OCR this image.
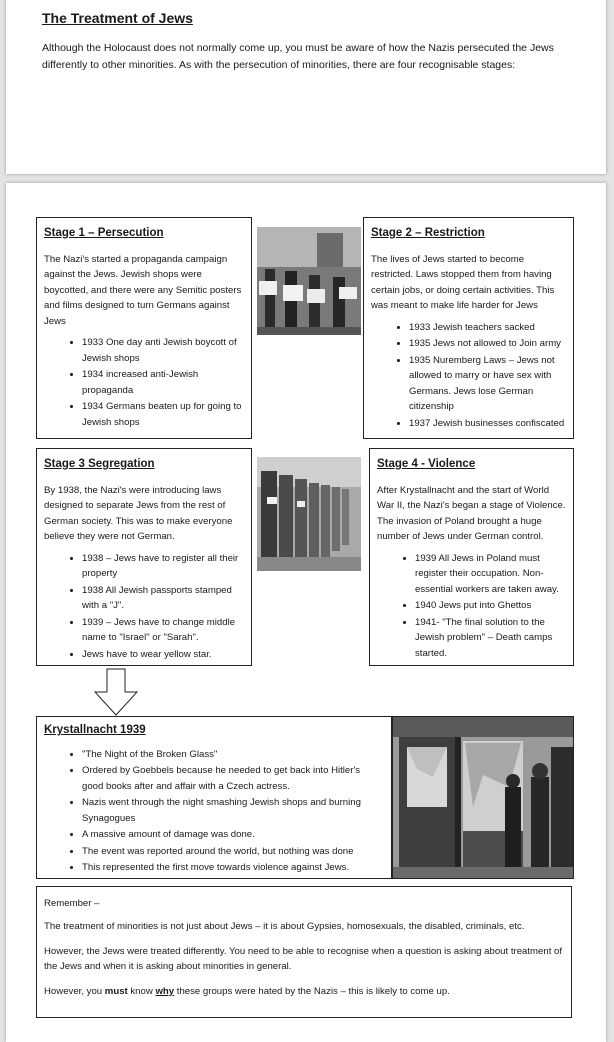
The Treatment of Jews
Although the Holocaust does not normally come up, you must be aware of how the Nazis persecuted the Jews differently to other minorities. As with the persecution of minorities, there are four recognisable stages:
Stage 1 – Persecution

The Nazi's started a propaganda campaign against the Jews. Jewish shops were boycotted, and there were any Semitic posters and films designed to turn Germans against Jews

• 1933 One day anti Jewish boycott of Jewish shops
• 1934 increased anti-Jewish propaganda
• 1934 Germans beaten up for going to Jewish shops
Stage 2 – Restriction

The lives of Jews started to become restricted. Laws stopped them from having certain jobs, or doing certain activities. This was meant to make life harder for Jews

• 1933 Jewish teachers sacked
• 1935 Jews not allowed to Join army
• 1935 Nuremberg Laws – Jews not allowed to marry or have sex with Germans. Jews lose German citizenship
• 1937 Jewish businesses confiscated
Stage 3 Segregation

By 1938, the Nazi's were introducing laws designed to separate Jews from the rest of German society. This was to make everyone believe they were not German.

• 1938 – Jews have to register all their property
• 1938 All Jewish passports stamped with a "J".
• 1939 – Jews have to change middle name to "Israel" or "Sarah".
• Jews have to wear yellow star.
Stage 4 - Violence

After Krystallnacht and the start of World War II, the Nazi's began a stage of Violence. The invasion of Poland brought a huge number of Jews under German control.

• 1939 All Jews in Poland must register their occupation. Non-essential workers are taken away.
• 1940 Jews put into Ghettos
• 1941- "The final solution to the Jewish problem" – Death camps started.
Krystallnacht 1939
• "The Night of the Broken Glass"
• Ordered by Goebbels because he needed to get back into Hitler's good books after and affair with a Czech actress.
• Nazis went through the night smashing Jewish shops and burning Synagogues
• A massive amount of damage was done.
• The event was reported around the world, but nothing was done
• This represented the first move towards violence against Jews.

Remember –

The treatment of minorities is not just about Jews – it is about Gypsies, homosexuals, the disabled, criminals, etc.

However, the Jews were treated differently. You need to be able to recognise when a question is asking about treatment of the Jews and when it is asking about minorities in general.

However, you must know why these groups were hated by the Nazis – this is likely to come up.
